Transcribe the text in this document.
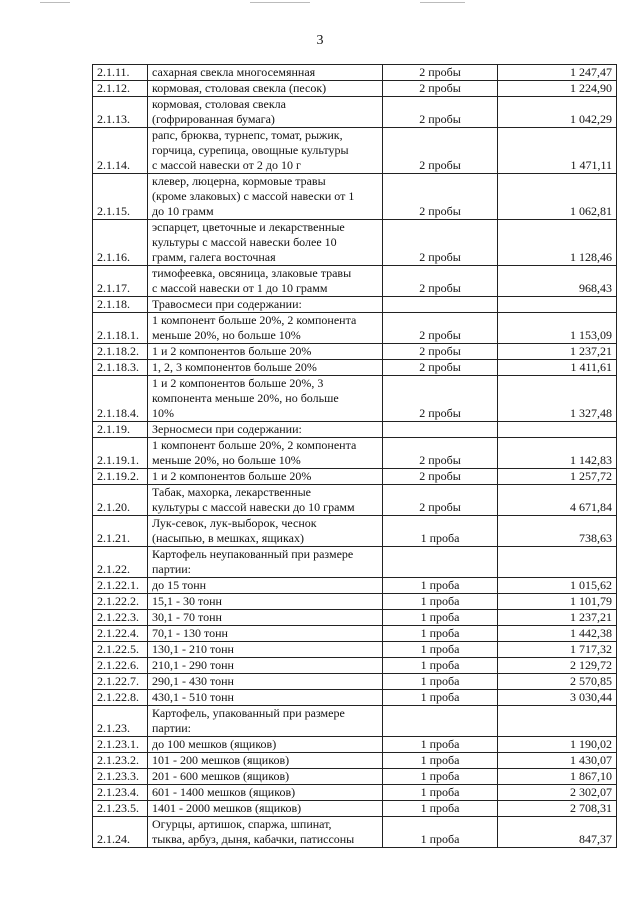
3
2.1.11.	сахарная свекла многосемянная	2 пробы	1 247,47
2.1.12.	кормовая, столовая свекла (песок)	2 пробы	1 224,90
2.1.13.	кормовая, столовая свекла
(гофрированная бумага)	2 пробы	1 042,29
2.1.14.	рапс, брюква, турнепс, томат, рыжик,
горчица, сурепица, овощные культуры
с массой навески от 2 до 10 г	2 пробы	1 471,11
2.1.15.	клевер, люцерна, кормовые травы
(кроме злаковых) с массой навески от 1
до 10 грамм	2 пробы	1 062,81
2.1.16.	эспарцет, цветочные и лекарственные
культуры с массой навески более 10
грамм, галега восточная	2 пробы	1 128,46
2.1.17.	тимофеевка, овсяница, злаковые травы
с массой навески от 1 до 10 грамм	2 пробы	968,43
2.1.18.	Травосмеси при содержании:		

2.1.18.1.	1 компонент больше 20%, 2 компонента
меньше 20%, но больше 10%	2 пробы	1 153,09
2.1.18.2.	1 и 2 компонентов больше 20%	2 пробы	1 237,21
2.1.18.3.	1, 2, 3 компонентов больше 20%	2 пробы	1 411,61
2.1.18.4.	1 и 2 компонентов больше 20%, 3
компонента меньше 20%, но больше
10%	2 пробы	1 327,48
2.1.19.	Зерносмеси при содержании:		

2.1.19.1.	1 компонент больше 20%, 2 компонента
меньше 20%, но больше 10%	2 пробы	1 142,83
2.1.19.2.	1 и 2 компонентов больше 20%	2 пробы	1 257,72
2.1.20.	Табак, махорка, лекарственные
культуры с массой навески до 10 грамм	2 пробы	4 671,84
2.1.21.	Лук-севок, лук-выборок, чеснок
(насыпью, в мешках, ящиках)	1 проба	738,63
2.1.22.	Картофель неупакованный при размере
партии:		

2.1.22.1.	до 15 тонн	1 проба	1 015,62
2.1.22.2.	15,1 - 30 тонн	1 проба	1 101,79
2.1.22.3.	30,1 - 70 тонн	1 проба	1 237,21
2.1.22.4.	70,1 - 130 тонн	1 проба	1 442,38
2.1.22.5.	130,1 - 210 тонн	1 проба	1 717,32
2.1.22.6.	210,1 - 290 тонн	1 проба	2 129,72
2.1.22.7.	290,1 - 430 тонн	1 проба	2 570,85
2.1.22.8.	430,1 - 510 тонн	1 проба	3 030,44
2.1.23.	Картофель, упакованный при размере
партии:		

2.1.23.1.	до 100 мешков (ящиков)	1 проба	1 190,02
2.1.23.2.	101 - 200 мешков (ящиков)	1 проба	1 430,07
2.1.23.3.	201 - 600 мешков (ящиков)	1 проба	1 867,10
2.1.23.4.	601 - 1400 мешков (ящиков)	1 проба	2 302,07
2.1.23.5.	1401 - 2000 мешков (ящиков)	1 проба	2 708,31
2.1.24.	Огурцы, артишок, спаржа, шпинат,
тыква, арбуз, дыня, кабачки, патиссоны	1 проба	847,37
